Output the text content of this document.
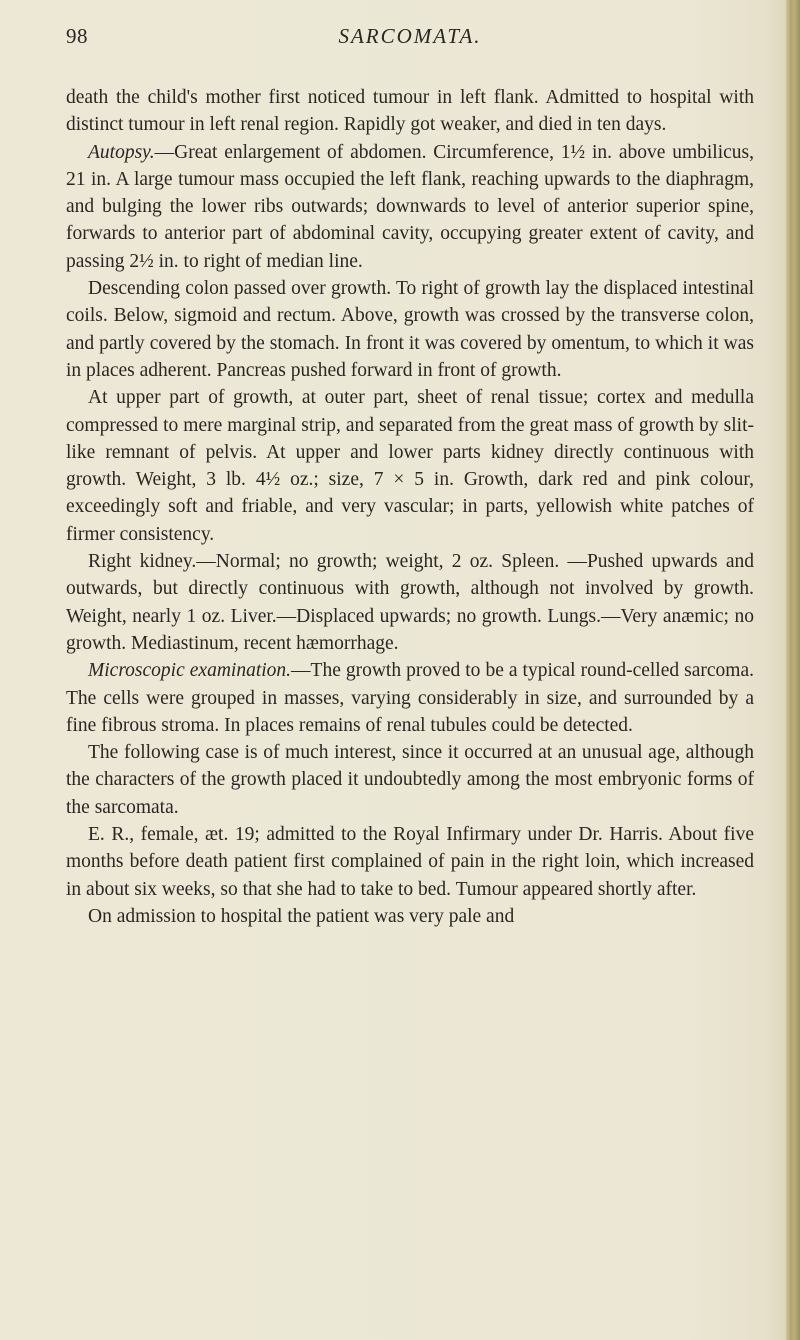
98	SARCOMATA.

death the child's mother first noticed tumour in left flank. Admitted to hospital with distinct tumour in left renal region. Rapidly got weaker, and died in ten days.

Autopsy.—Great enlargement of abdomen. Circumference, 1½ in. above umbilicus, 21 in. A large tumour mass occupied the left flank, reaching upwards to the diaphragm, and bulging the lower ribs outwards; downwards to level of anterior superior spine, forwards to anterior part of abdominal cavity, occupying greater extent of cavity, and passing 2½ in. to right of median line.

Descending colon passed over growth. To right of growth lay the displaced intestinal coils. Below, sigmoid and rectum. Above, growth was crossed by the transverse colon, and partly covered by the stomach. In front it was covered by omentum, to which it was in places adherent. Pancreas pushed forward in front of growth.

At upper part of growth, at outer part, sheet of renal tissue; cortex and medulla compressed to mere marginal strip, and separated from the great mass of growth by slit-like remnant of pelvis. At upper and lower parts kidney directly continuous with growth. Weight, 3 lb. 4½ oz.; size, 7 × 5 in. Growth, dark red and pink colour, exceedingly soft and friable, and very vascular; in parts, yellowish white patches of firmer consistency.

Right kidney.—Normal; no growth; weight, 2 oz. Spleen. —Pushed upwards and outwards, but directly continuous with growth, although not involved by growth. Weight, nearly 1 oz. Liver.—Displaced upwards; no growth. Lungs.—Very anæmic; no growth. Mediastinum, recent hæmorrhage.

Microscopic examination.—The growth proved to be a typical round-celled sarcoma. The cells were grouped in masses, varying considerably in size, and surrounded by a fine fibrous stroma. In places remains of renal tubules could be detected.

The following case is of much interest, since it occurred at an unusual age, although the characters of the growth placed it undoubtedly among the most embryonic forms of the sarcomata.

E. R., female, æt. 19; admitted to the Royal Infirmary under Dr. Harris. About five months before death patient first complained of pain in the right loin, which increased in about six weeks, so that she had to take to bed. Tumour appeared shortly after.

On admission to hospital the patient was very pale and
